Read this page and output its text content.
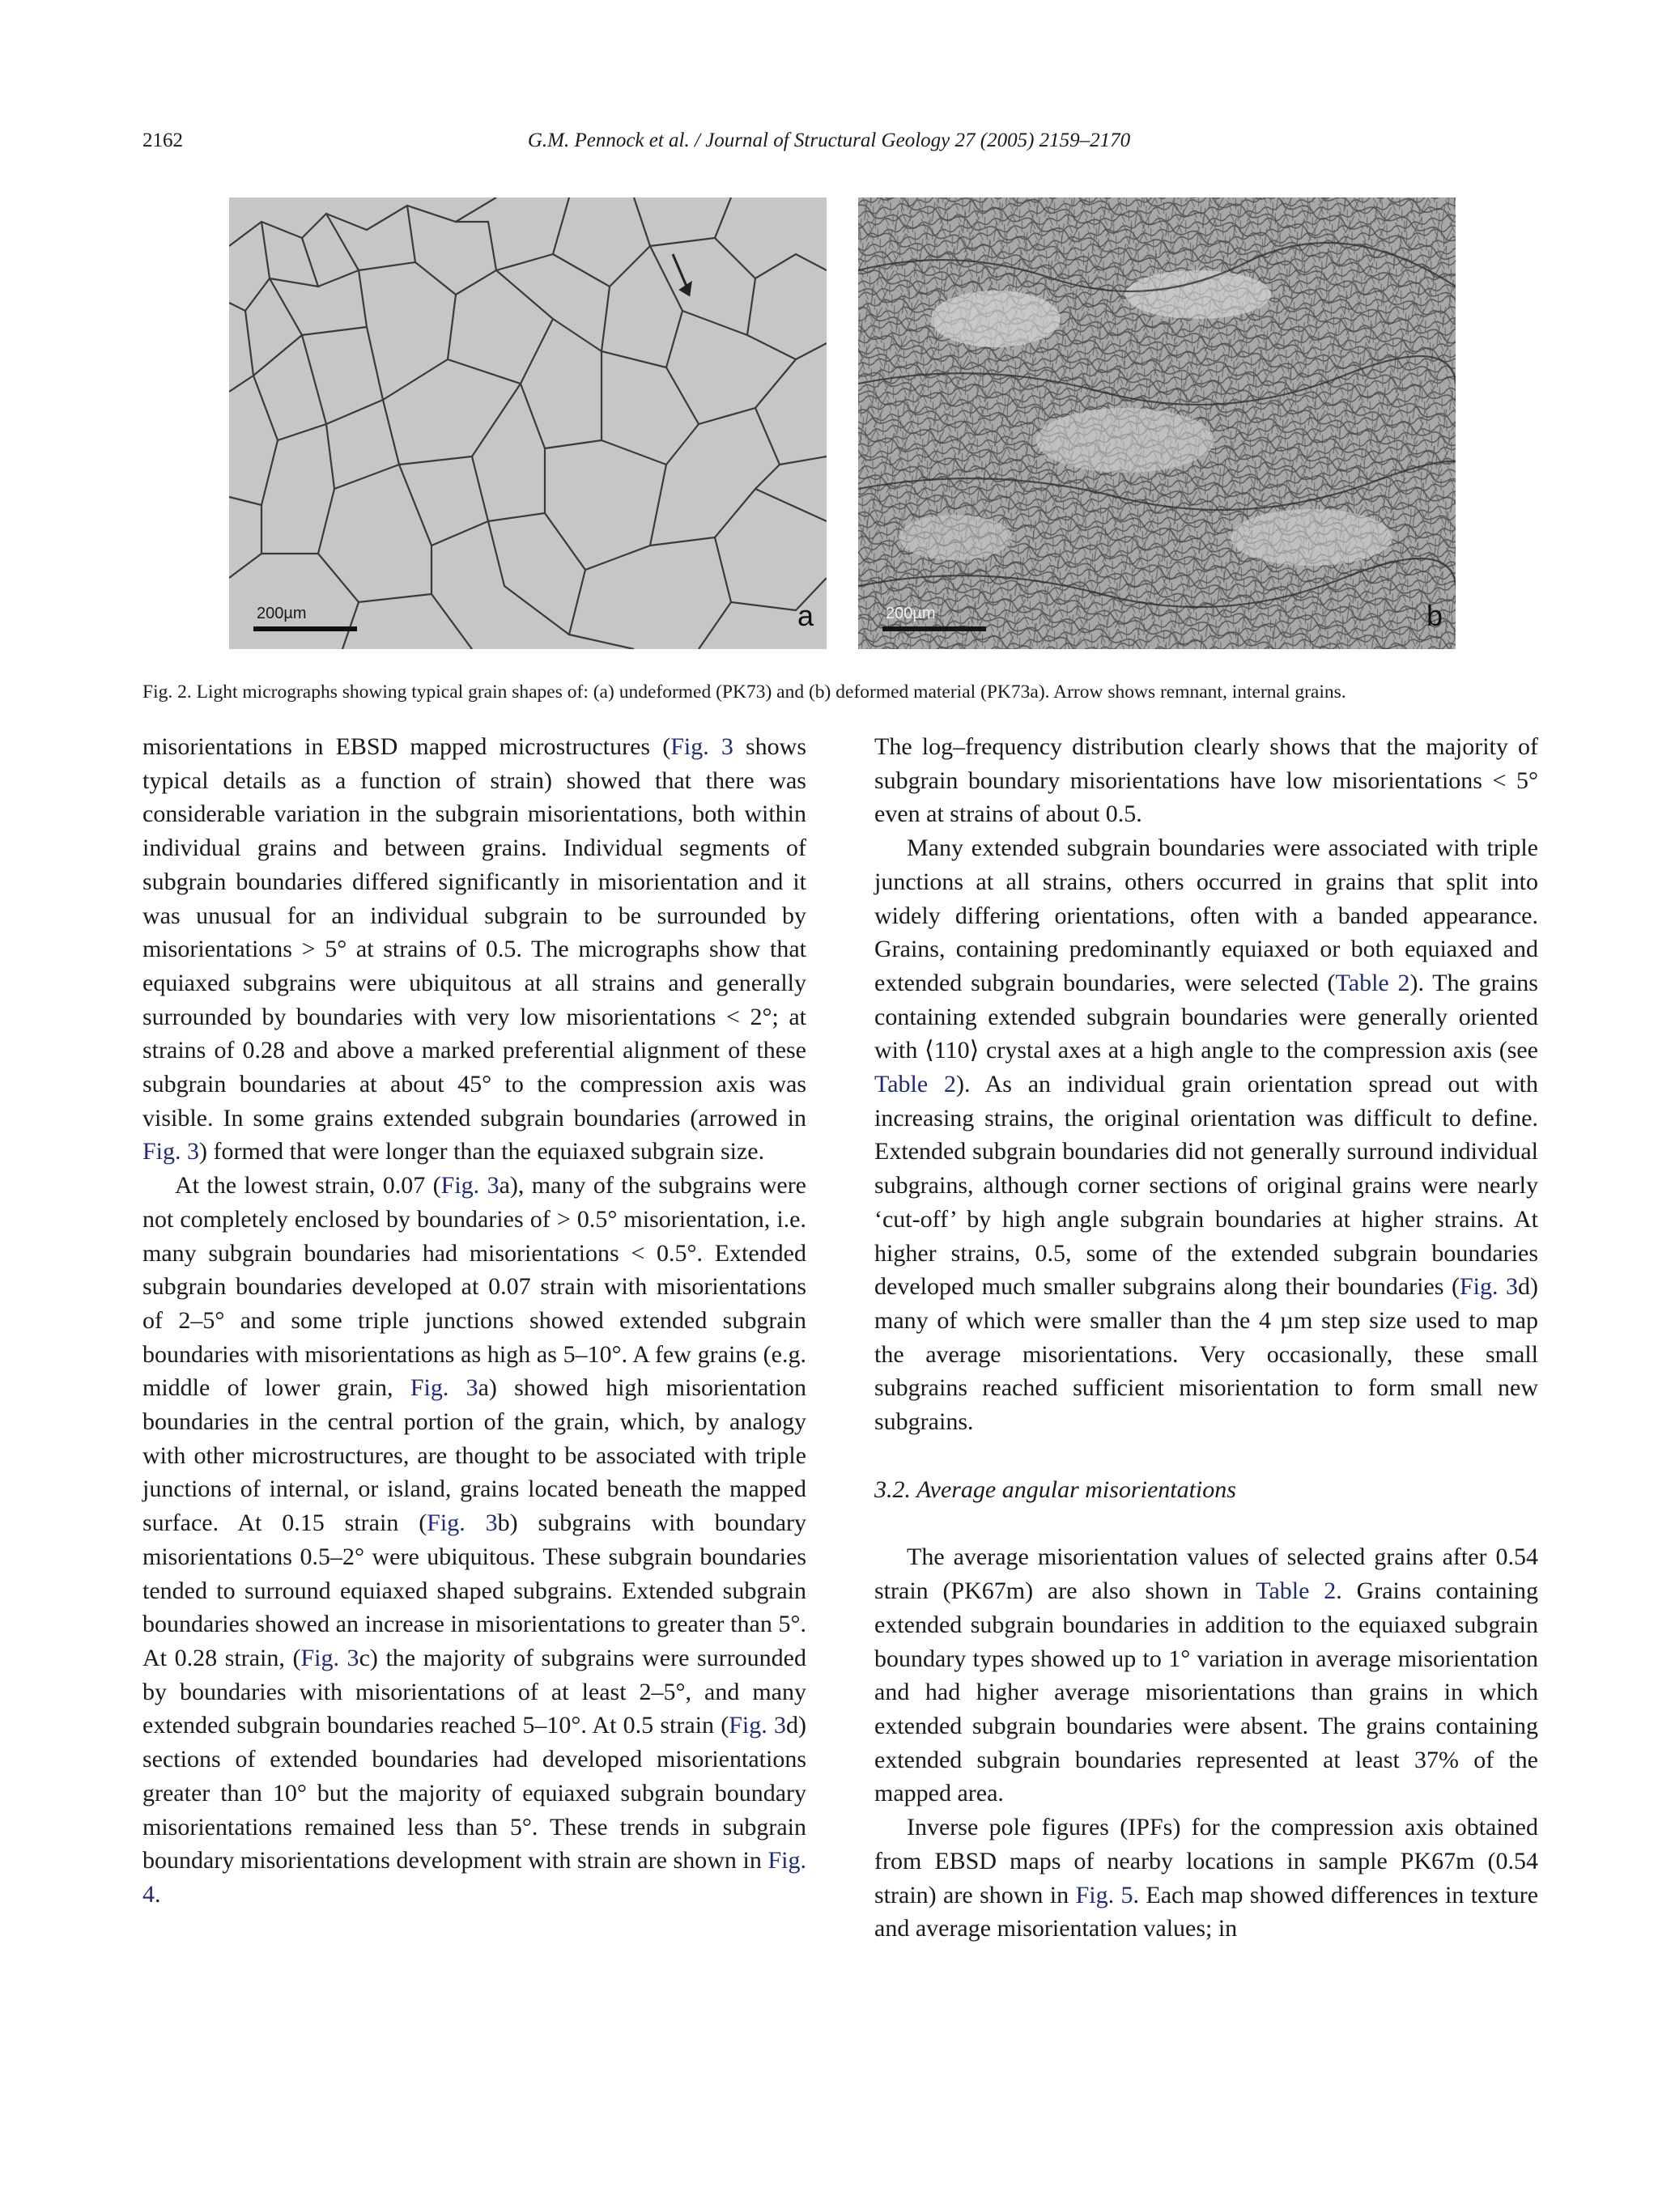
2162	G.M. Pennock et al. / Journal of Structural Geology 27 (2005) 2159–2170
200µm	a	200µm	b
Fig. 2. Light micrographs showing typical grain shapes of: (a) undeformed (PK73) and (b) deformed material (PK73a). Arrow shows remnant, internal grains.

misorientations in EBSD mapped microstructures (Fig. 3 shows typical details as a function of strain) showed that there was considerable variation in the subgrain misorientations, both within individual grains and between grains. Individual segments of subgrain boundaries differed significantly in misorientation and it was unusual for an individual subgrain to be surrounded by misorientations > 5° at strains of 0.5. The micrographs show that equiaxed subgrains were ubiquitous at all strains and generally surrounded by boundaries with very low misorientations < 2°; at strains of 0.28 and above a marked preferential alignment of these subgrain boundaries at about 45° to the compression axis was visible. In some grains extended subgrain boundaries (arrowed in Fig. 3) formed that were longer than the equiaxed subgrain size.

At the lowest strain, 0.07 (Fig. 3a), many of the subgrains were not completely enclosed by boundaries of > 0.5° misorientation, i.e. many subgrain boundaries had misorientations < 0.5°. Extended subgrain boundaries developed at 0.07 strain with misorientations of 2–5° and some triple junctions showed extended subgrain boundaries with misorientations as high as 5–10°. A few grains (e.g. middle of lower grain, Fig. 3a) showed high misorientation boundaries in the central portion of the grain, which, by analogy with other microstructures, are thought to be associated with triple junctions of internal, or island, grains located beneath the mapped surface. At 0.15 strain (Fig. 3b) subgrains with boundary misorientations 0.5–2° were ubiquitous. These subgrain boundaries tended to surround equiaxed shaped subgrains. Extended subgrain boundaries showed an increase in misorientations to greater than 5°. At 0.28 strain, (Fig. 3c) the majority of subgrains were surrounded by boundaries with misorientations of at least 2–5°, and many extended subgrain boundaries reached 5–10°. At 0.5 strain (Fig. 3d) sections of extended boundaries had developed misorientations greater than 10° but the majority of equiaxed subgrain boundary misorientations remained less than 5°. These trends in subgrain boundary misorientations development with strain are shown in Fig. 4.

The log–frequency distribution clearly shows that the majority of subgrain boundary misorientations have low misorientations < 5° even at strains of about 0.5.

Many extended subgrain boundaries were associated with triple junctions at all strains, others occurred in grains that split into widely differing orientations, often with a banded appearance. Grains, containing predominantly equiaxed or both equiaxed and extended subgrain boundaries, were selected (Table 2). The grains containing extended subgrain boundaries were generally oriented with ⟨110⟩ crystal axes at a high angle to the compression axis (see Table 2). As an individual grain orientation spread out with increasing strains, the original orientation was difficult to define. Extended subgrain boundaries did not generally surround individual subgrains, although corner sections of original grains were nearly ‘cut-off’ by high angle subgrain boundaries at higher strains. At higher strains, 0.5, some of the extended subgrain boundaries developed much smaller subgrains along their boundaries (Fig. 3d) many of which were smaller than the 4 µm step size used to map the average misorientations. Very occasionally, these small subgrains reached sufficient misorientation to form small new subgrains.

3.2. Average angular misorientations

The average misorientation values of selected grains after 0.54 strain (PK67m) are also shown in Table 2. Grains containing extended subgrain boundaries in addition to the equiaxed subgrain boundary types showed up to 1° variation in average misorientation and had higher average misorientations than grains in which extended subgrain boundaries were absent. The grains containing extended subgrain boundaries represented at least 37% of the mapped area.

Inverse pole figures (IPFs) for the compression axis obtained from EBSD maps of nearby locations in sample PK67m (0.54 strain) are shown in Fig. 5. Each map showed differences in texture and average misorientation values; in
